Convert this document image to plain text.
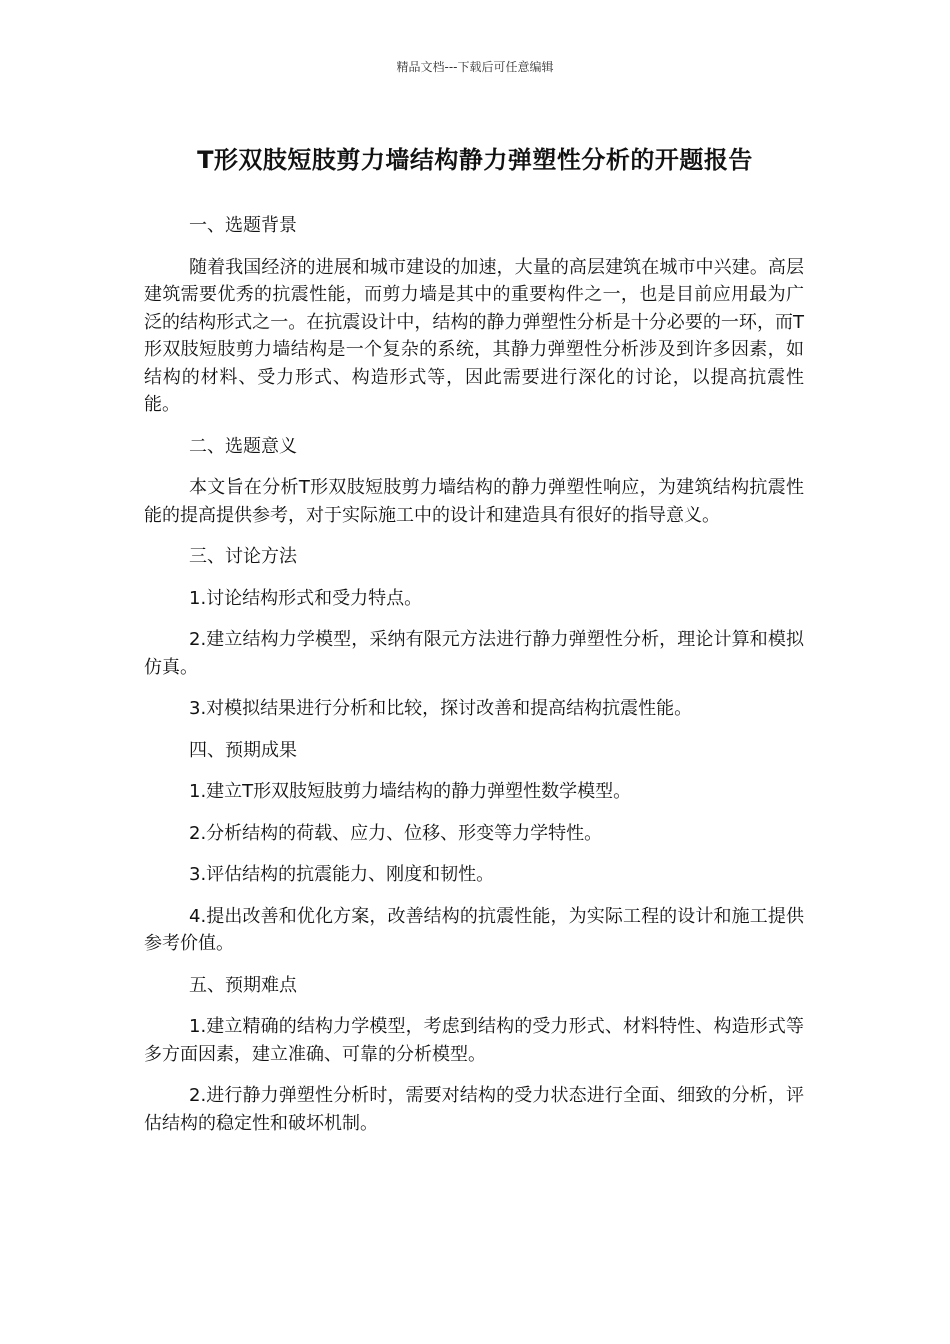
精品文档---下载后可任意编辑
T形双肢短肢剪力墙结构静力弹塑性分析的开题报告

一、选题背景

随着我国经济的进展和城市建设的加速，大量的高层建筑在城市中兴建。高层建筑需要优秀的抗震性能，而剪力墙是其中的重要构件之一，也是目前应用最为广泛的结构形式之一。在抗震设计中，结构的静力弹塑性分析是十分必要的一环，而T形双肢短肢剪力墙结构是一个复杂的系统，其静力弹塑性分析涉及到许多因素，如结构的材料、受力形式、构造形式等，因此需要进行深化的讨论，以提高抗震性能。

二、选题意义

本文旨在分析T形双肢短肢剪力墙结构的静力弹塑性响应，为建筑结构抗震性能的提高提供参考，对于实际施工中的设计和建造具有很好的指导意义。

三、讨论方法

1.讨论结构形式和受力特点。

2.建立结构力学模型，采纳有限元方法进行静力弹塑性分析，理论计算和模拟仿真。

3.对模拟结果进行分析和比较，探讨改善和提高结构抗震性能。

四、预期成果

1.建立T形双肢短肢剪力墙结构的静力弹塑性数学模型。

2.分析结构的荷载、应力、位移、形变等力学特性。

3.评估结构的抗震能力、刚度和韧性。

4.提出改善和优化方案，改善结构的抗震性能，为实际工程的设计和施工提供参考价值。

五、预期难点

1.建立精确的结构力学模型，考虑到结构的受力形式、材料特性、构造形式等多方面因素，建立准确、可靠的分析模型。

2.进行静力弹塑性分析时，需要对结构的受力状态进行全面、细致的分析，评估结构的稳定性和破坏机制。
